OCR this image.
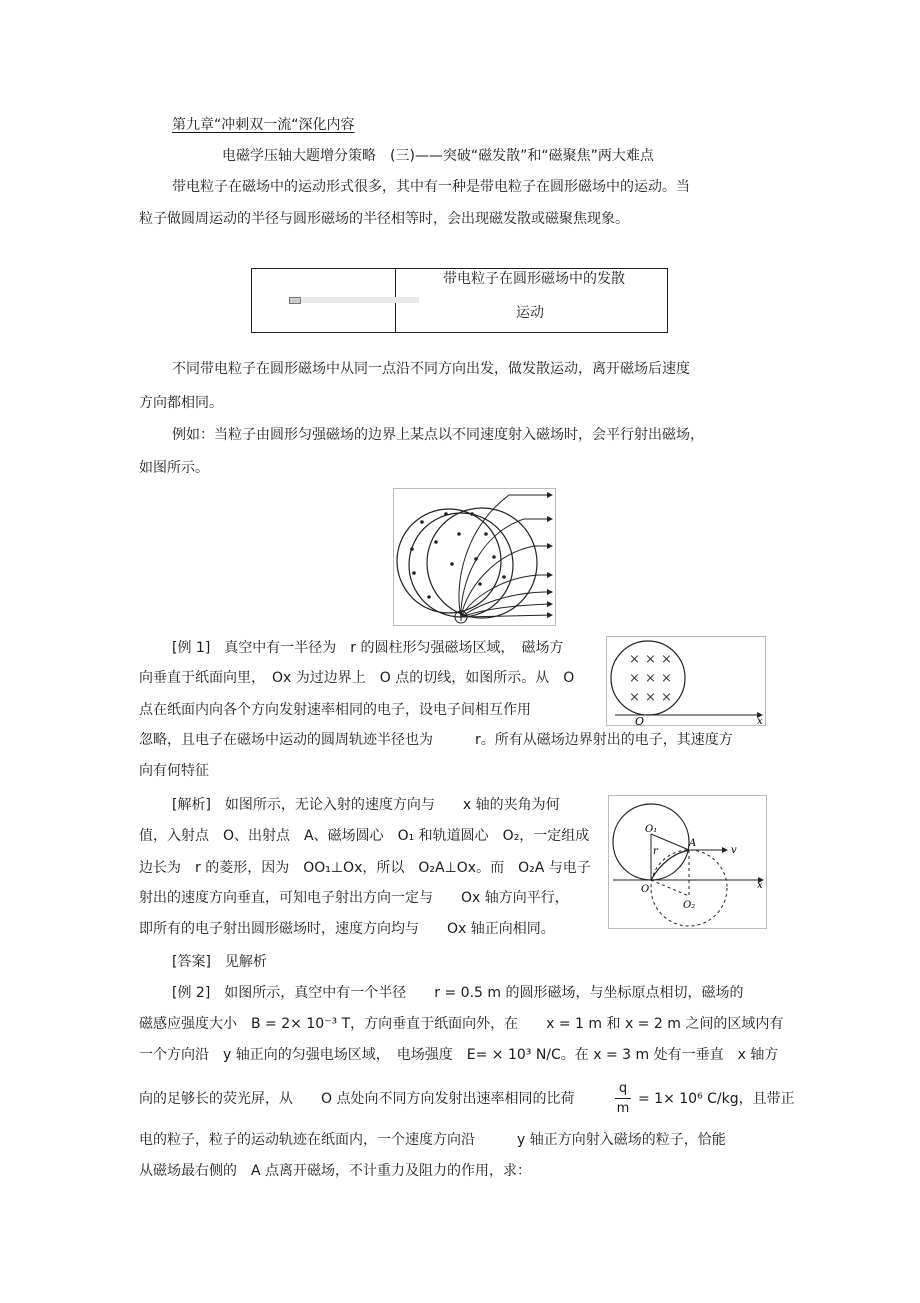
第九章“冲刺双一流“深化内容
电磁学压轴大题增分策略　(三)——突破“磁发散”和“磁聚焦”两大难点
带电粒子在磁场中的运动形式很多，其中有一种是带电粒子在圆形磁场中的运动。当
粒子做圆周运动的半径与圆形磁场的半径相等时，会出现磁发散或磁聚焦现象。
带电粒子在圆形磁场中的发散
运动
不同带电粒子在圆形磁场中从同一点沿不同方向出发，做发散运动，离开磁场后速度
方向都相同。
例如：当粒子由圆形匀强磁场的边界上某点以不同速度射入磁场时，会平行射出磁场，
如图所示。
[例 1]　真空中有一半径为　r 的圆柱形匀强磁场区域，　磁场方
向垂直于纸面向里，　Ox 为过边界上　O 点的切线，如图所示。从　O
点在纸面内向各个方向发射速率相同的电子，设电子间相互作用
忽略，且电子在磁场中运动的圆周轨迹半径也为　　　r。所有从磁场边界射出的电子，其速度方
向有何特征
× × ×
× × ×
× × ×
O	x
[解析]　如图所示，无论入射的速度方向与　　x 轴的夹角为何
值，入射点　O、出射点　A、磁场圆心　O₁ 和轨道圆心　O₂，一定组成
边长为　r 的菱形，因为　OO₁⊥Ox，所以　O₂A⊥Ox。而　O₂A 与电子
射出的速度方向垂直，可知电子射出方向一定与　　Ox 轴方向平行，
即所有的电子射出圆形磁场时，速度方向均与　　Ox 轴正向相同。
O₁
A
v
r
O
O₂
x
[答案]　见解析
[例 2]　如图所示，真空中有一个半径　　r = 0.5 m 的圆形磁场，与坐标原点相切，磁场的
磁感应强度大小　B = 2× 10⁻³ T，方向垂直于纸面向外，在　　x = 1 m 和 x = 2 m 之间的区域内有
一个方向沿　y 轴正向的匀强电场区域，　电场强度　E= × 10³ N/C。在 x = 3 m 处有一垂直　x 轴方
向的足够长的荧光屏，从　　O 点处向不同方向发射出速率相同的比荷
q
m
= 1× 10⁶ C/kg，且带正
电的粒子，粒子的运动轨迹在纸面内，一个速度方向沿　　　y 轴正方向射入磁场的粒子，恰能
从磁场最右侧的　A 点离开磁场，不计重力及阻力的作用，求：
